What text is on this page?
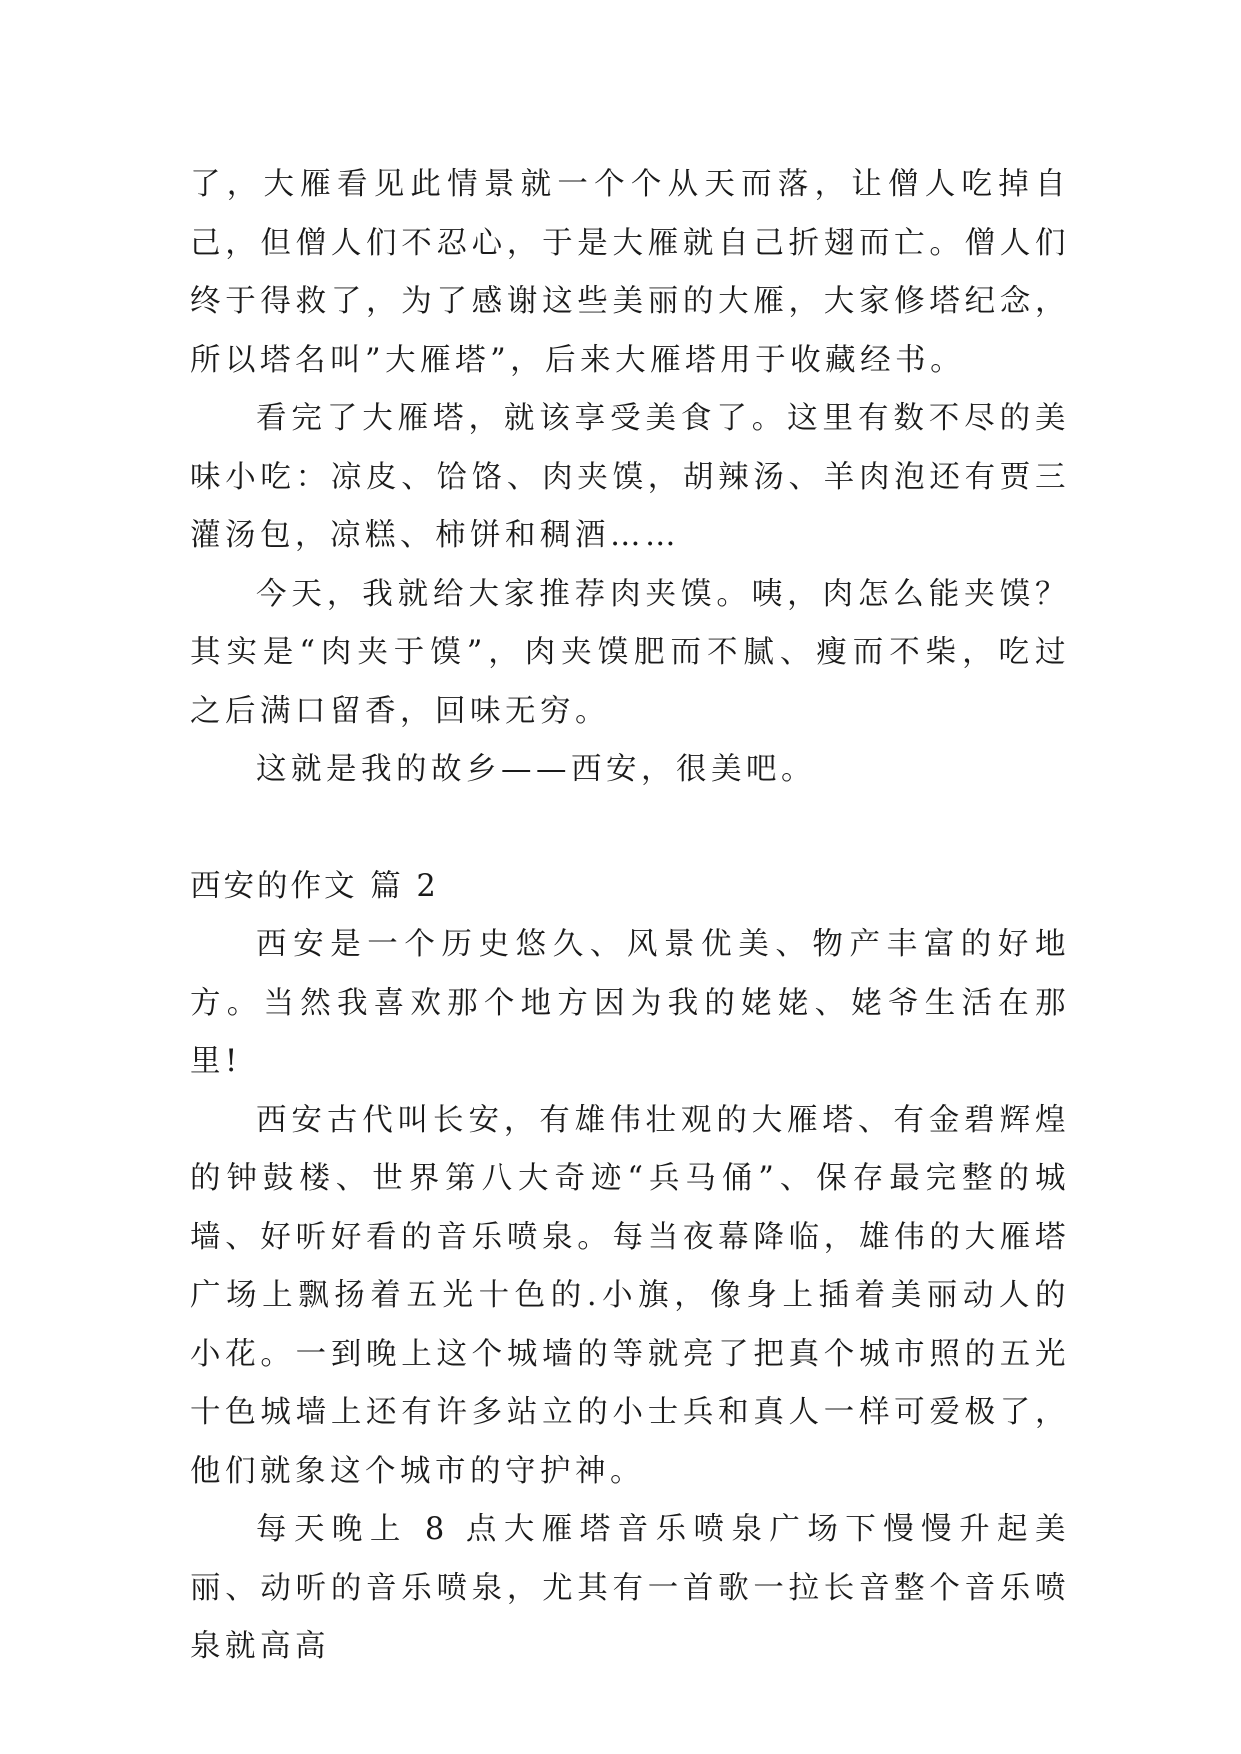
了，大雁看见此情景就一个个从天而落，让僧人吃掉自己，但僧人们不忍心，于是大雁就自己折翅而亡。僧人们终于得救了，为了感谢这些美丽的大雁，大家修塔纪念，所以塔名叫”大雁塔”，后来大雁塔用于收藏经书。

看完了大雁塔，就该享受美食了。这里有数不尽的美味小吃：凉皮、饸饹、肉夹馍，胡辣汤、羊肉泡还有贾三灌汤包，凉糕、柿饼和稠酒……

今天，我就给大家推荐肉夹馍。咦，肉怎么能夹馍？其实是“肉夹于馍”，肉夹馍肥而不腻、瘦而不柴，吃过之后满口留香，回味无穷。

这就是我的故乡——西安，很美吧。

西安的作文 篇 2

西安是一个历史悠久、风景优美、物产丰富的好地方。当然我喜欢那个地方因为我的姥姥、姥爷生活在那里!

西安古代叫长安，有雄伟壮观的大雁塔、有金碧辉煌的钟鼓楼、世界第八大奇迹“兵马俑”、保存最完整的城墙、好听好看的音乐喷泉。每当夜幕降临，雄伟的大雁塔广场上飘扬着五光十色的.小旗，像身上插着美丽动人的小花。一到晚上这个城墙的等就亮了把真个城市照的五光十色城墙上还有许多站立的小士兵和真人一样可爱极了，他们就象这个城市的守护神。

每天晚上 8 点大雁塔音乐喷泉广场下慢慢升起美丽、动听的音乐喷泉，尤其有一首歌一拉长音整个音乐喷泉就高高
